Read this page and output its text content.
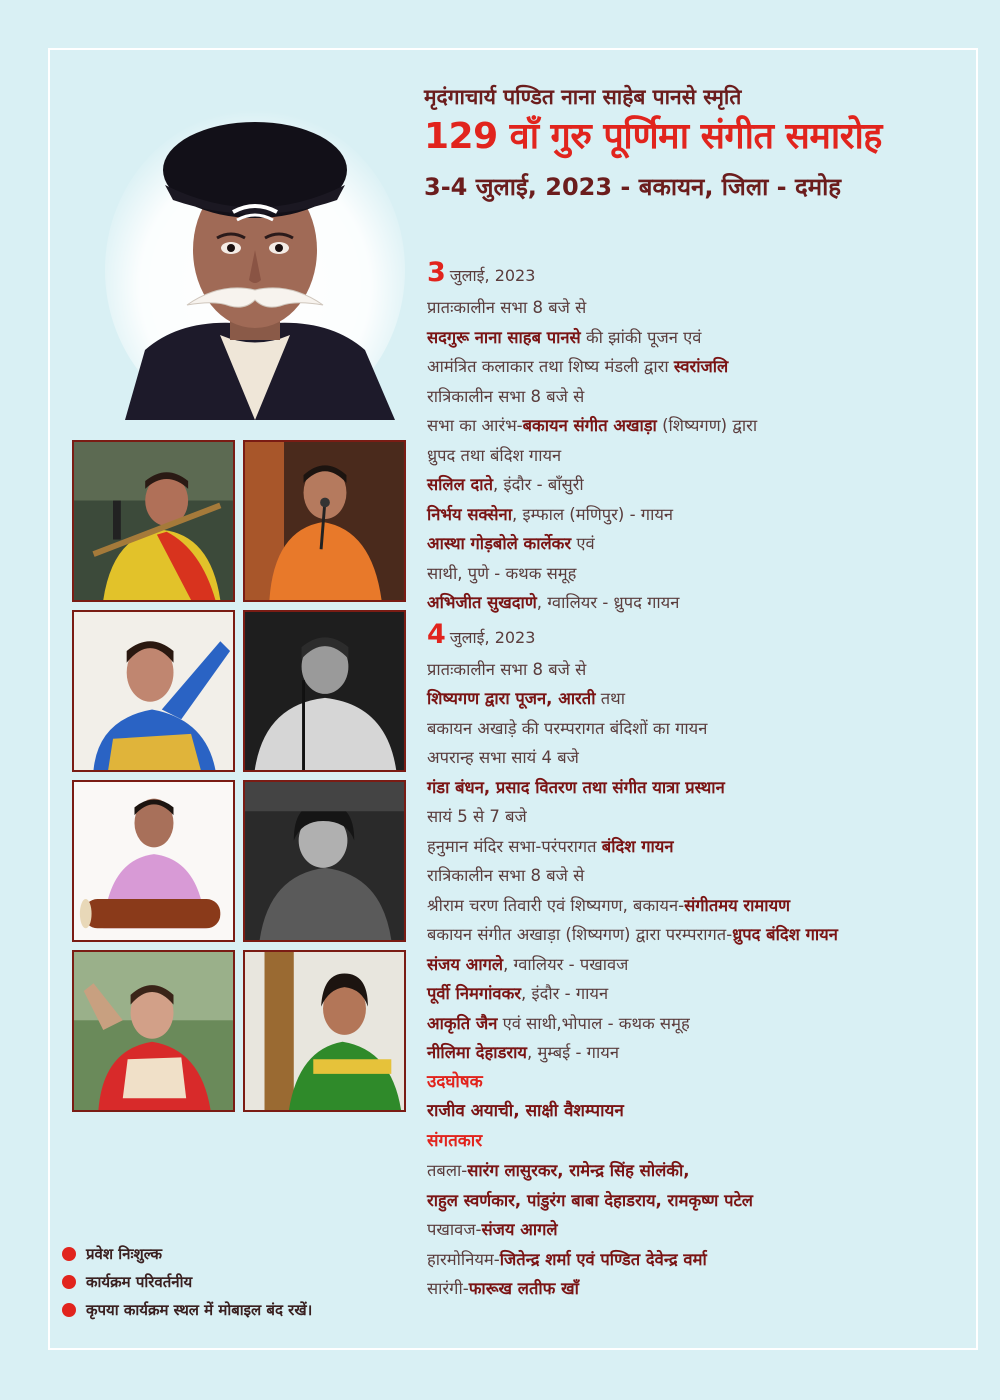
मृदंगाचार्य पण्डित नाना साहेब पानसे स्मृति
129 वाँ गुरु पूर्णिमा संगीत समारोह
3-4 जुलाई, 2023 - बकायन, जिला - दमोह
3 जुलाई, 2023
प्रातःकालीन सभा 8 बजे से
सदगुरू नाना साहब पानसे की झांकी पूजन एवं
आमंत्रित कलाकार तथा शिष्य मंडली द्वारा स्वरांजलि
रात्रिकालीन सभा 8 बजे से
सभा का आरंभ-बकायन संगीत अखाड़ा (शिष्यगण) द्वारा
ध्रुपद तथा बंदिश गायन
सलिल दाते, इंदौर - बाँसुरी
निर्भय सक्सेना, इम्फाल (मणिपुर) - गायन
आस्था गोड़बोले कार्लेकर एवं
साथी, पुणे - कथक समूह
अभिजीत सुखदाणे, ग्वालियर - ध्रुपद गायन
4 जुलाई, 2023
प्रातःकालीन सभा 8 बजे से
शिष्यगण द्वारा पूजन, आरती तथा
बकायन अखाड़े की परम्परागत बंदिशों का गायन
अपरान्ह सभा सायं 4 बजे
गंडा बंधन, प्रसाद वितरण तथा संगीत यात्रा प्रस्थान
सायं 5 से 7 बजे
हनुमान मंदिर सभा-परंपरागत बंदिश गायन
रात्रिकालीन सभा 8 बजे से
श्रीराम चरण तिवारी एवं शिष्यगण, बकायन-संगीतमय रामायण
बकायन संगीत अखाड़ा (शिष्यगण) द्वारा परम्परागत-ध्रुपद बंदिश गायन
संजय आगले, ग्वालियर - पखावज
पूर्वी निमगांवकर, इंदौर - गायन
आकृति जैन एवं साथी,भोपाल - कथक समूह
नीलिमा देहाडराय, मुम्बई - गायन
उदघोषक
राजीव अयाची, साक्षी वैशम्पायन
संगतकार
तबला-सारंग लासुरकर, रामेन्द्र सिंह सोलंकी,
राहुल स्वर्णकार, पांडुरंग बाबा देहाडराय, रामकृष्ण पटेल
पखावज-संजय आगले
हारमोनियम-जितेन्द्र शर्मा एवं पण्डित देवेन्द्र वर्मा
सारंगी-फारूख लतीफ खाँ
प्रवेश निःशुल्क
कार्यक्रम परिवर्तनीय
कृपया कार्यक्रम स्थल में मोबाइल बंद रखें।
